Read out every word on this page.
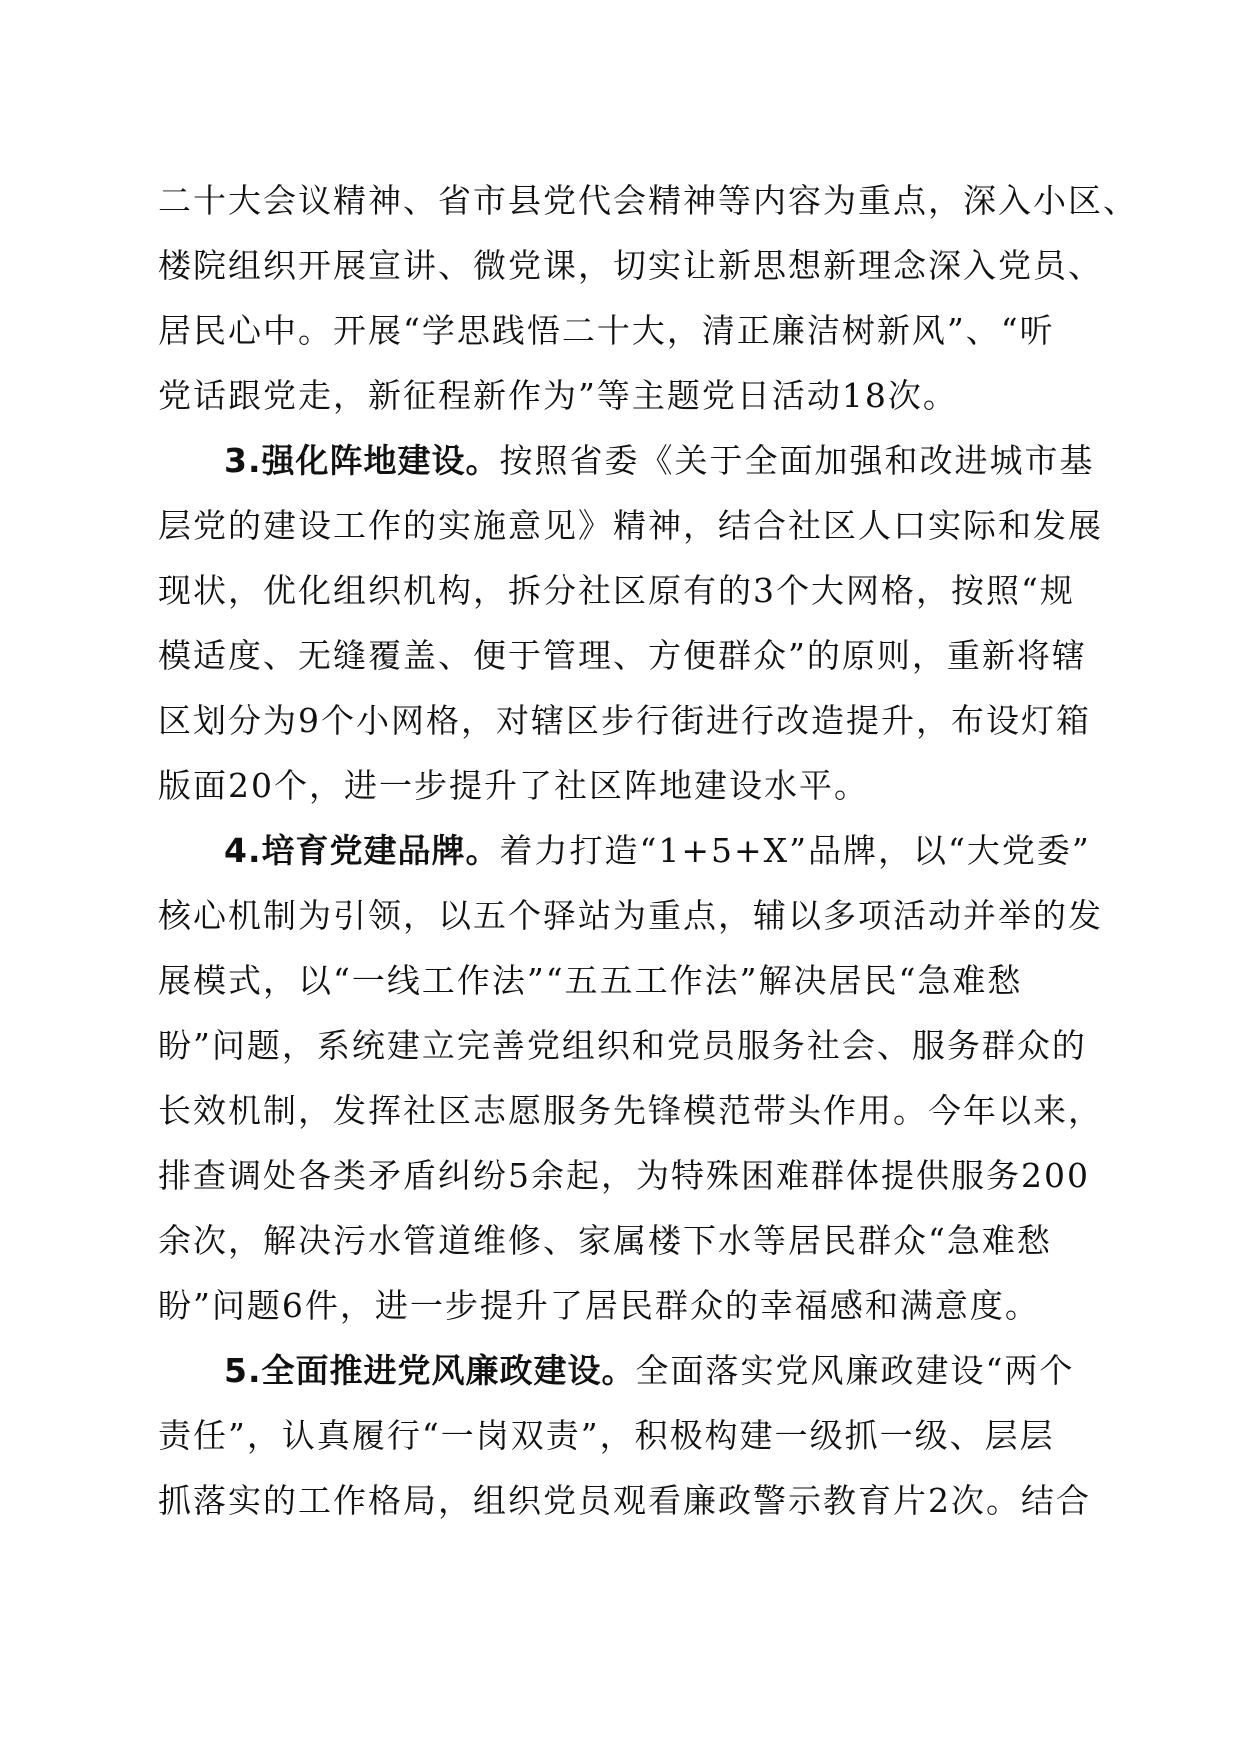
二十大会议精神、省市县党代会精神等内容为重点，深入小区、
楼院组织开展宣讲、微党课，切实让新思想新理念深入党员、
居民心中。开展“学思践悟二十大，清正廉洁树新风”、“听
党话跟党走，新征程新作为”等主题党日活动18次。
3.强化阵地建设。按照省委《关于全面加强和改进城市基
层党的建设工作的实施意见》精神，结合社区人口实际和发展
现状，优化组织机构，拆分社区原有的3个大网格，按照“规
模适度、无缝覆盖、便于管理、方便群众”的原则，重新将辖
区划分为9个小网格，对辖区步行街进行改造提升，布设灯箱
版面20个，进一步提升了社区阵地建设水平。
4.培育党建品牌。着力打造“1+5+X”品牌，以“大党委”
核心机制为引领，以五个驿站为重点，辅以多项活动并举的发
展模式，以“一线工作法”“五五工作法”解决居民“急难愁
盼”问题，系统建立完善党组织和党员服务社会、服务群众的
长效机制，发挥社区志愿服务先锋模范带头作用。今年以来，
排查调处各类矛盾纠纷5余起，为特殊困难群体提供服务200
余次，解决污水管道维修、家属楼下水等居民群众“急难愁
盼”问题6件，进一步提升了居民群众的幸福感和满意度。
5.全面推进党风廉政建设。全面落实党风廉政建设“两个
责任”，认真履行“一岗双责”，积极构建一级抓一级、层层
抓落实的工作格局，组织党员观看廉政警示教育片2次。结合
